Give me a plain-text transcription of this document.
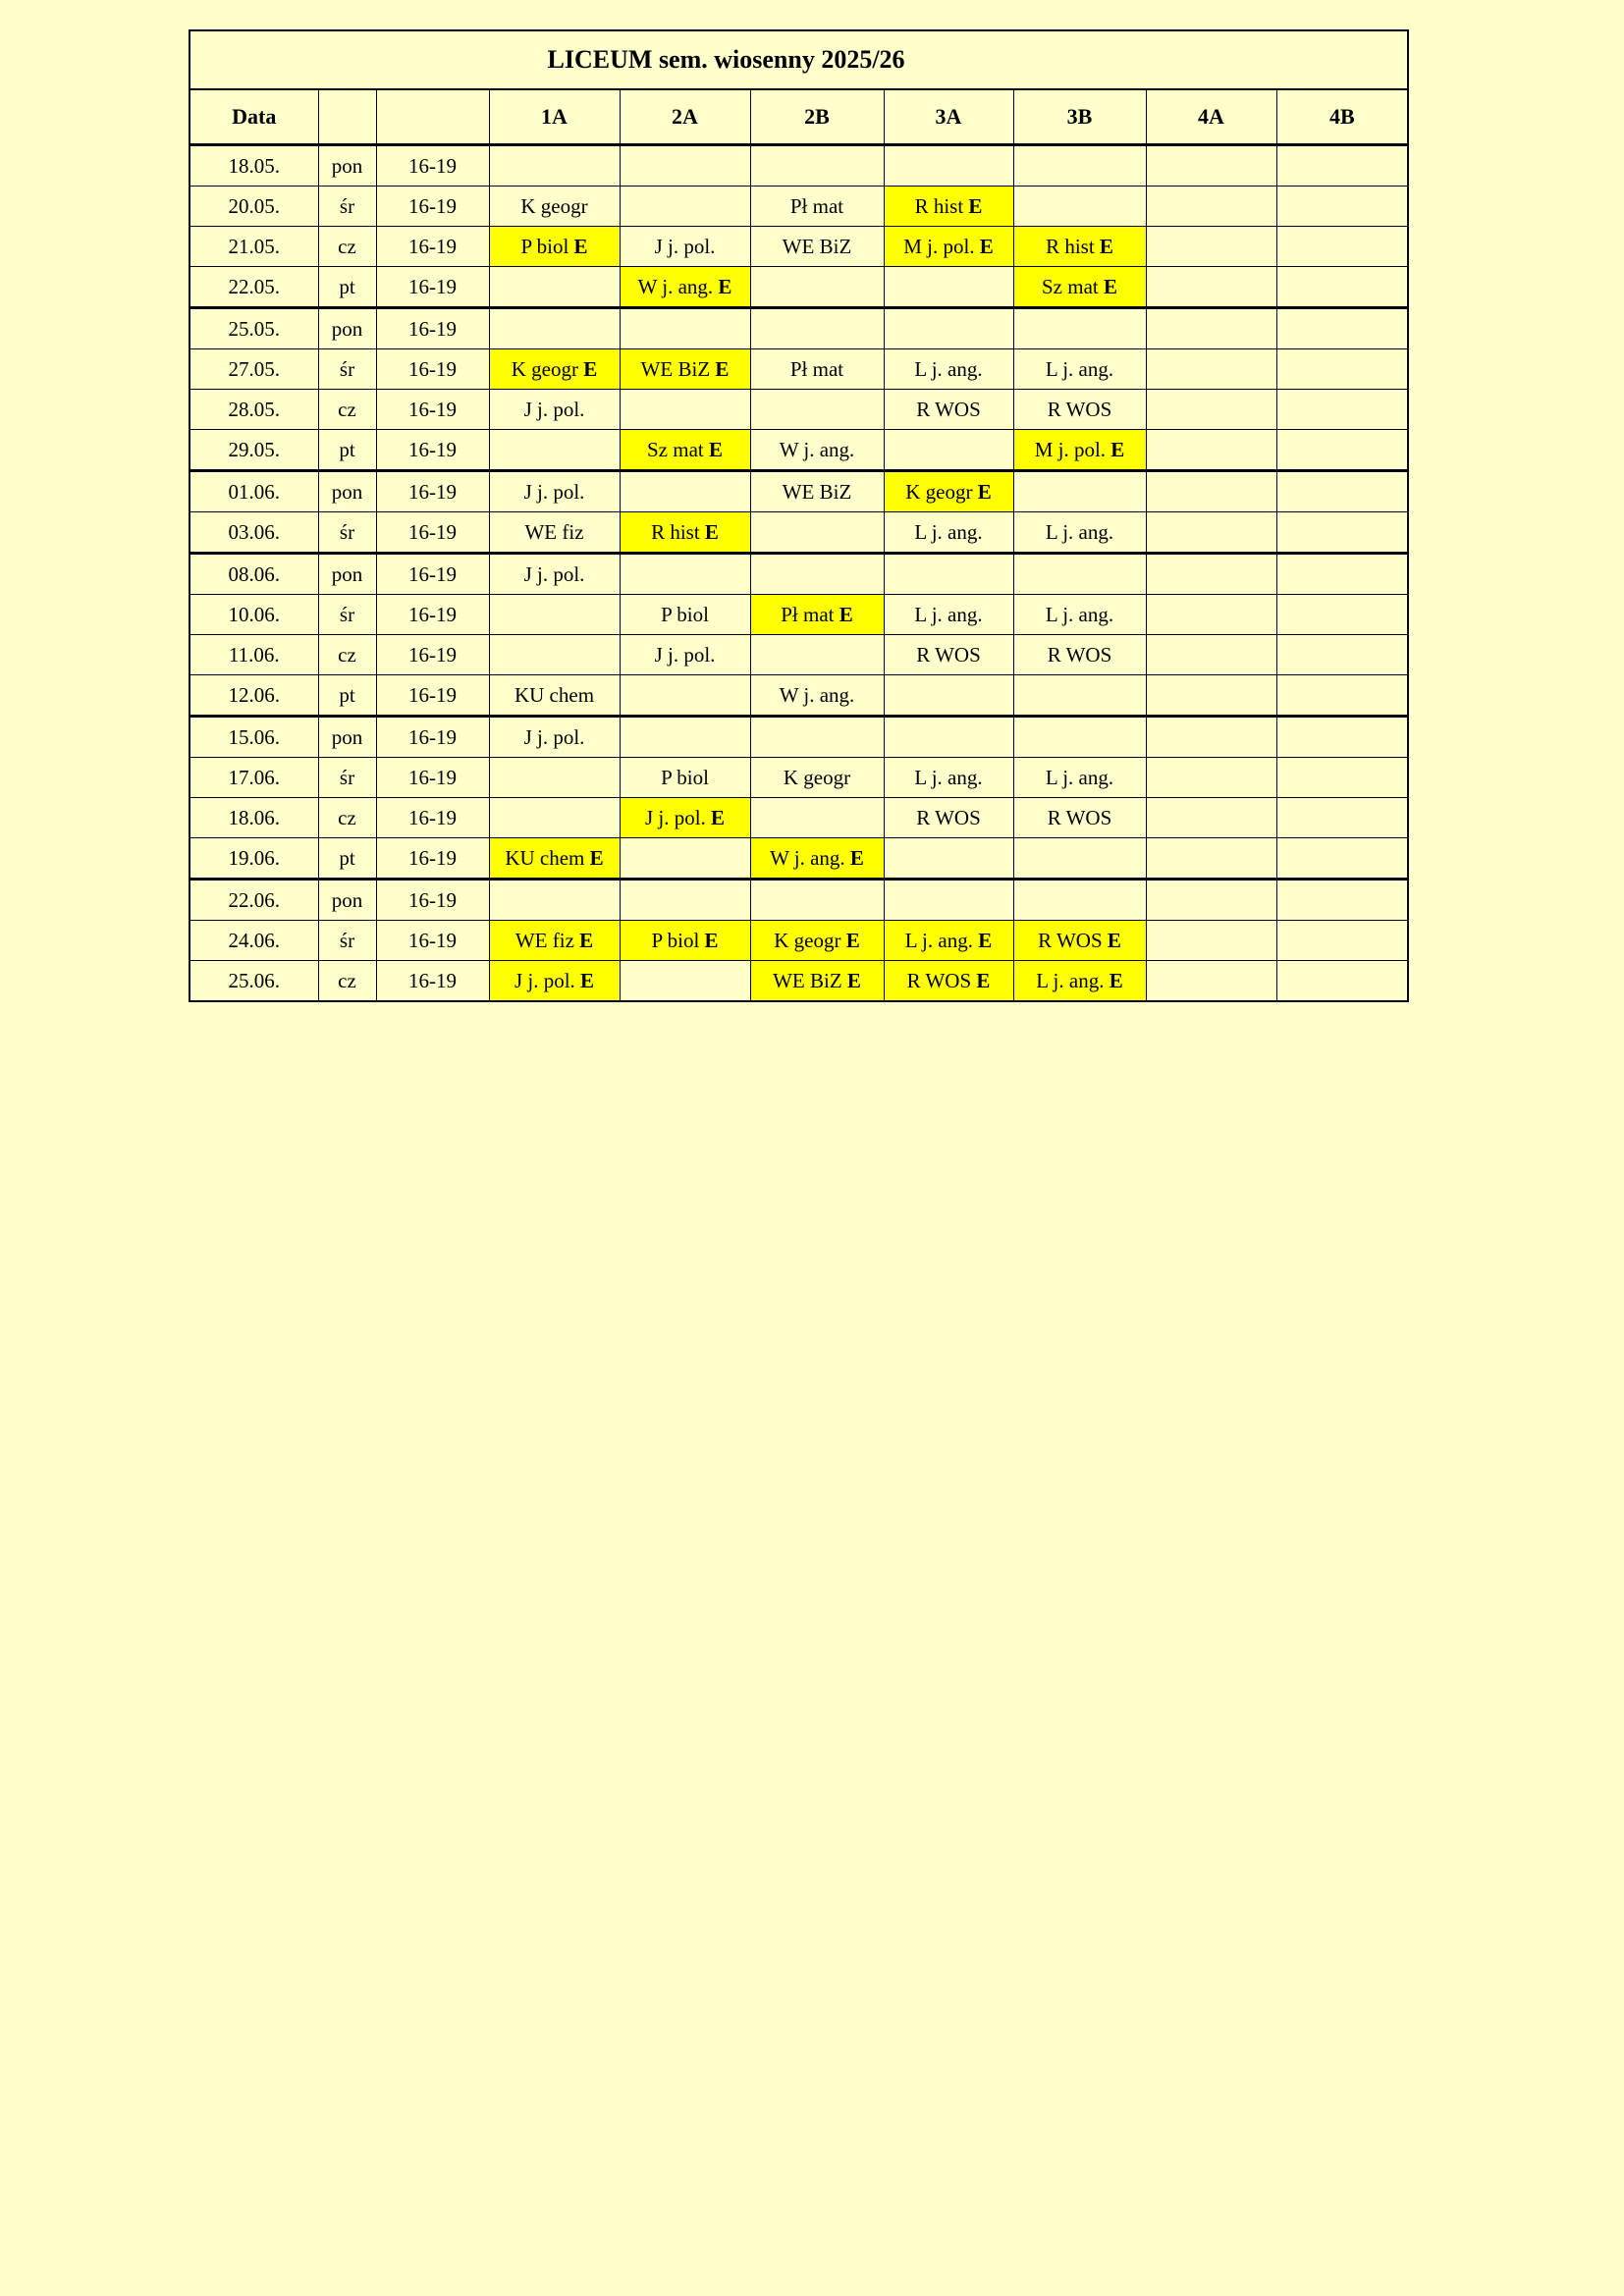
LICEUM sem. wiosenny 2025/26									
Data			1A	2A	2B	3A	3B	4A	4B
18.05.	pon	16-19							
20.05.	śr	16-19	K geogr		Pł mat	R hist E			
21.05.	cz	16-19	P biol E	J j. pol.	WE BiZ	M j. pol. E	R hist E		
22.05.	pt	16-19		W j. ang. E			Sz mat E		
25.05.	pon	16-19							
27.05.	śr	16-19	K geogr E	WE BiZ E	Pł mat	L j. ang.	L j. ang.		
28.05.	cz	16-19	J j. pol.			R WOS	R WOS		
29.05.	pt	16-19		Sz mat E	W j. ang.		M j. pol. E		
01.06.	pon	16-19	J j. pol.		WE BiZ	K geogr E			
03.06.	śr	16-19	WE fiz	R hist E		L j. ang.	L j. ang.		
08.06.	pon	16-19	J j. pol.						
10.06.	śr	16-19		P biol	Pł mat E	L j. ang.	L j. ang.		
11.06.	cz	16-19		J j. pol.		R WOS	R WOS		
12.06.	pt	16-19	KU chem		W j. ang.				
15.06.	pon	16-19	J j. pol.						
17.06.	śr	16-19		P biol	K geogr	L j. ang.	L j. ang.		
18.06.	cz	16-19		J j. pol. E		R WOS	R WOS		
19.06.	pt	16-19	KU chem E		W j. ang. E				
22.06.	pon	16-19							
24.06.	śr	16-19	WE fiz E	P biol E	K geogr E	L j. ang. E	R WOS E		
25.06.	cz	16-19	J j. pol. E		WE BiZ E	R WOS E	L j. ang. E		
